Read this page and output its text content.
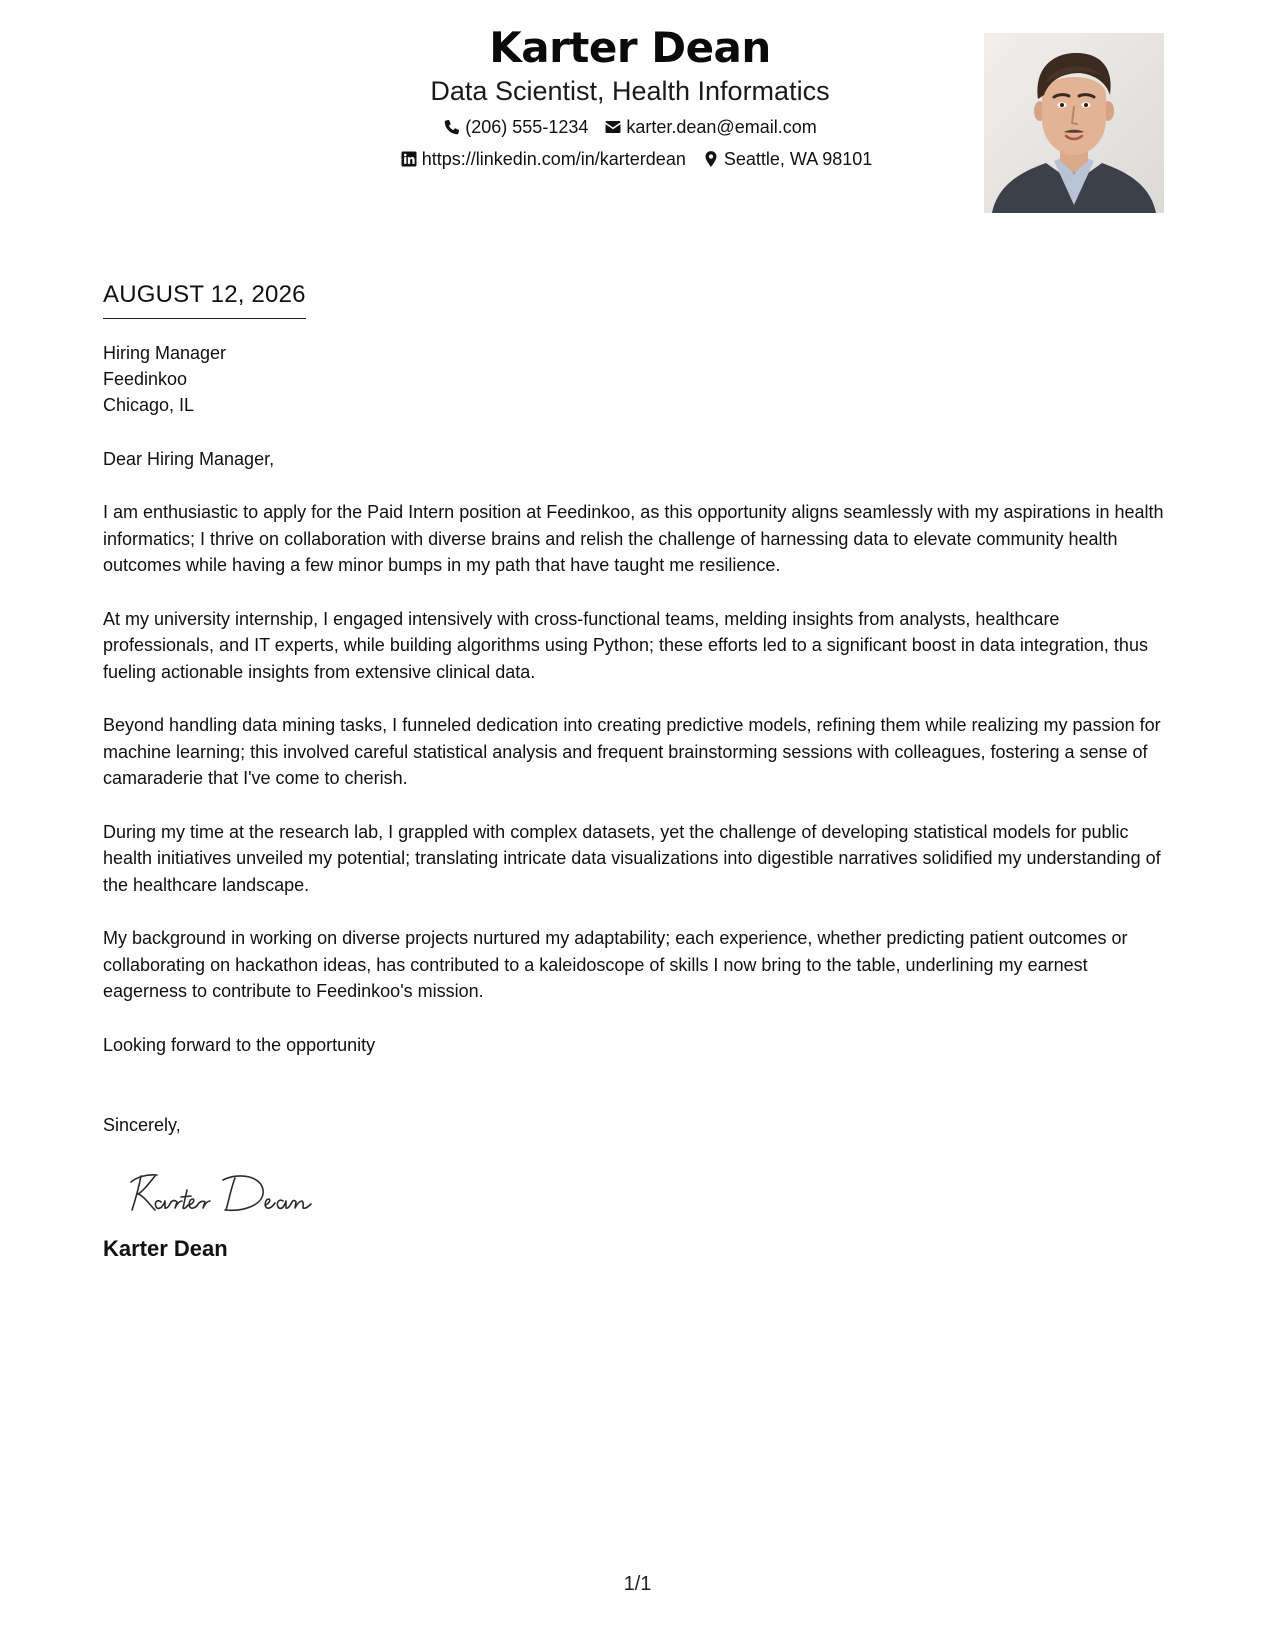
Karter Dean
Data Scientist, Health Informatics
(206) 555-1234 karter.dean@email.com
https://linkedin.com/in/karterdean Seattle, WA 98101
AUGUST 12, 2026
Hiring Manager
Feedinkoo
Chicago, IL
Dear Hiring Manager,
I am enthusiastic to apply for the Paid Intern position at Feedinkoo, as this opportunity aligns seamlessly with my aspirations in health informatics; I thrive on collaboration with diverse brains and relish the challenge of harnessing data to elevate community health outcomes while having a few minor bumps in my path that have taught me resilience.
At my university internship, I engaged intensively with cross-functional teams, melding insights from analysts, healthcare professionals, and IT experts, while building algorithms using Python; these efforts led to a significant boost in data integration, thus fueling actionable insights from extensive clinical data.
Beyond handling data mining tasks, I funneled dedication into creating predictive models, refining them while realizing my passion for machine learning; this involved careful statistical analysis and frequent brainstorming sessions with colleagues, fostering a sense of camaraderie that I've come to cherish.
During my time at the research lab, I grappled with complex datasets, yet the challenge of developing statistical models for public health initiatives unveiled my potential; translating intricate data visualizations into digestible narratives solidified my understanding of the healthcare landscape.
My background in working on diverse projects nurtured my adaptability; each experience, whether predicting patient outcomes or collaborating on hackathon ideas, has contributed to a kaleidoscope of skills I now bring to the table, underlining my earnest eagerness to contribute to Feedinkoo's mission.
Looking forward to the opportunity
Sincerely,
Karter Dean
1/1
